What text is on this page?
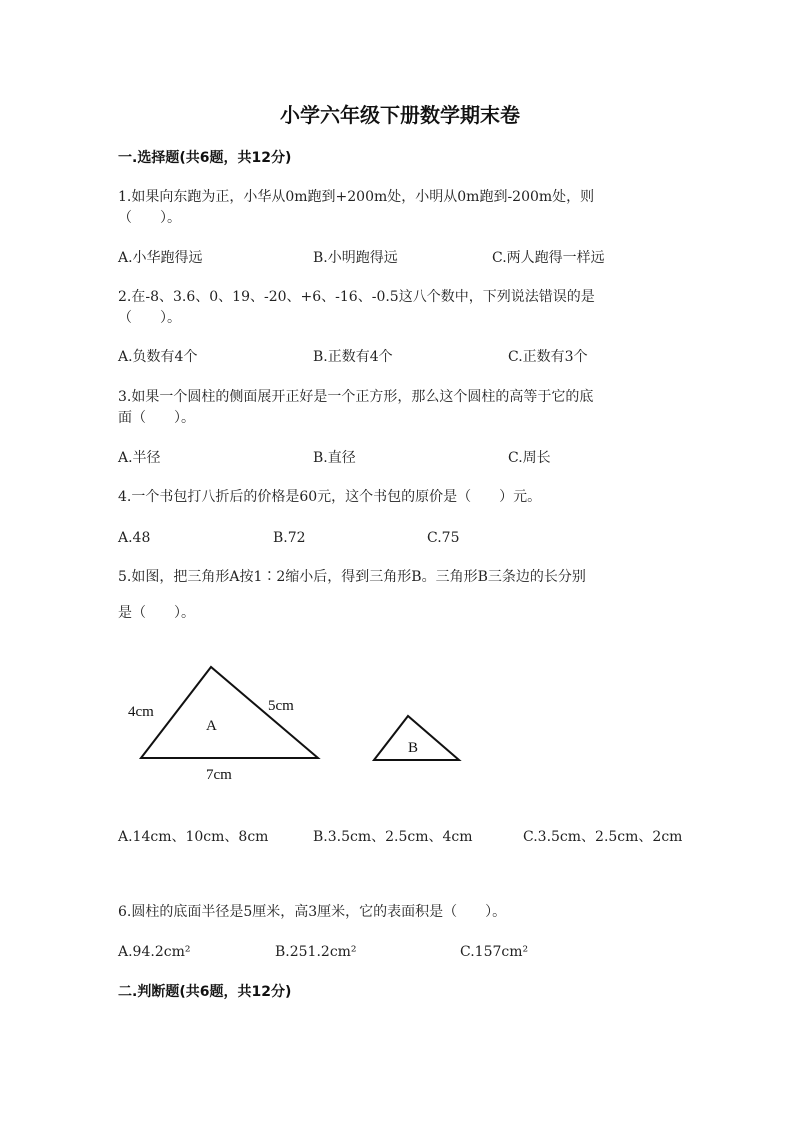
小学六年级下册数学期末卷
一.选择题(共6题，共12分)
1.如果向东跑为正，小华从0m跑到+200m处，小明从0m跑到-200m处，则
（　　）。
A.小华跑得远	B.小明跑得远	C.两人跑得一样远
2.在-8、3.6、0、19、-20、+6、-16、-0.5这八个数中，下列说法错误的是
（　　）。
A.负数有4个	B.正数有4个	C.正数有3个
3.如果一个圆柱的侧面展开正好是一个正方形，那么这个圆柱的高等于它的底
面（　　）。
A.半径	B.直径	C.周长
4.一个书包打八折后的价格是60元，这个书包的原价是（　　）元。
A.48	B.72	C.75
5.如图，把三角形A按1∶2缩小后，得到三角形B。三角形B三条边的长分别
是（　　）。
4cm	5cm
A
7cm
B
A.14cm、10cm、8cm	B.3.5cm、2.5cm、4cm	C.3.5cm、2.5cm、2cm
6.圆柱的底面半径是5厘米，高3厘米，它的表面积是（　　）。
A.94.2cm²	B.251.2cm²	C.157cm²
二.判断题(共6题，共12分)
